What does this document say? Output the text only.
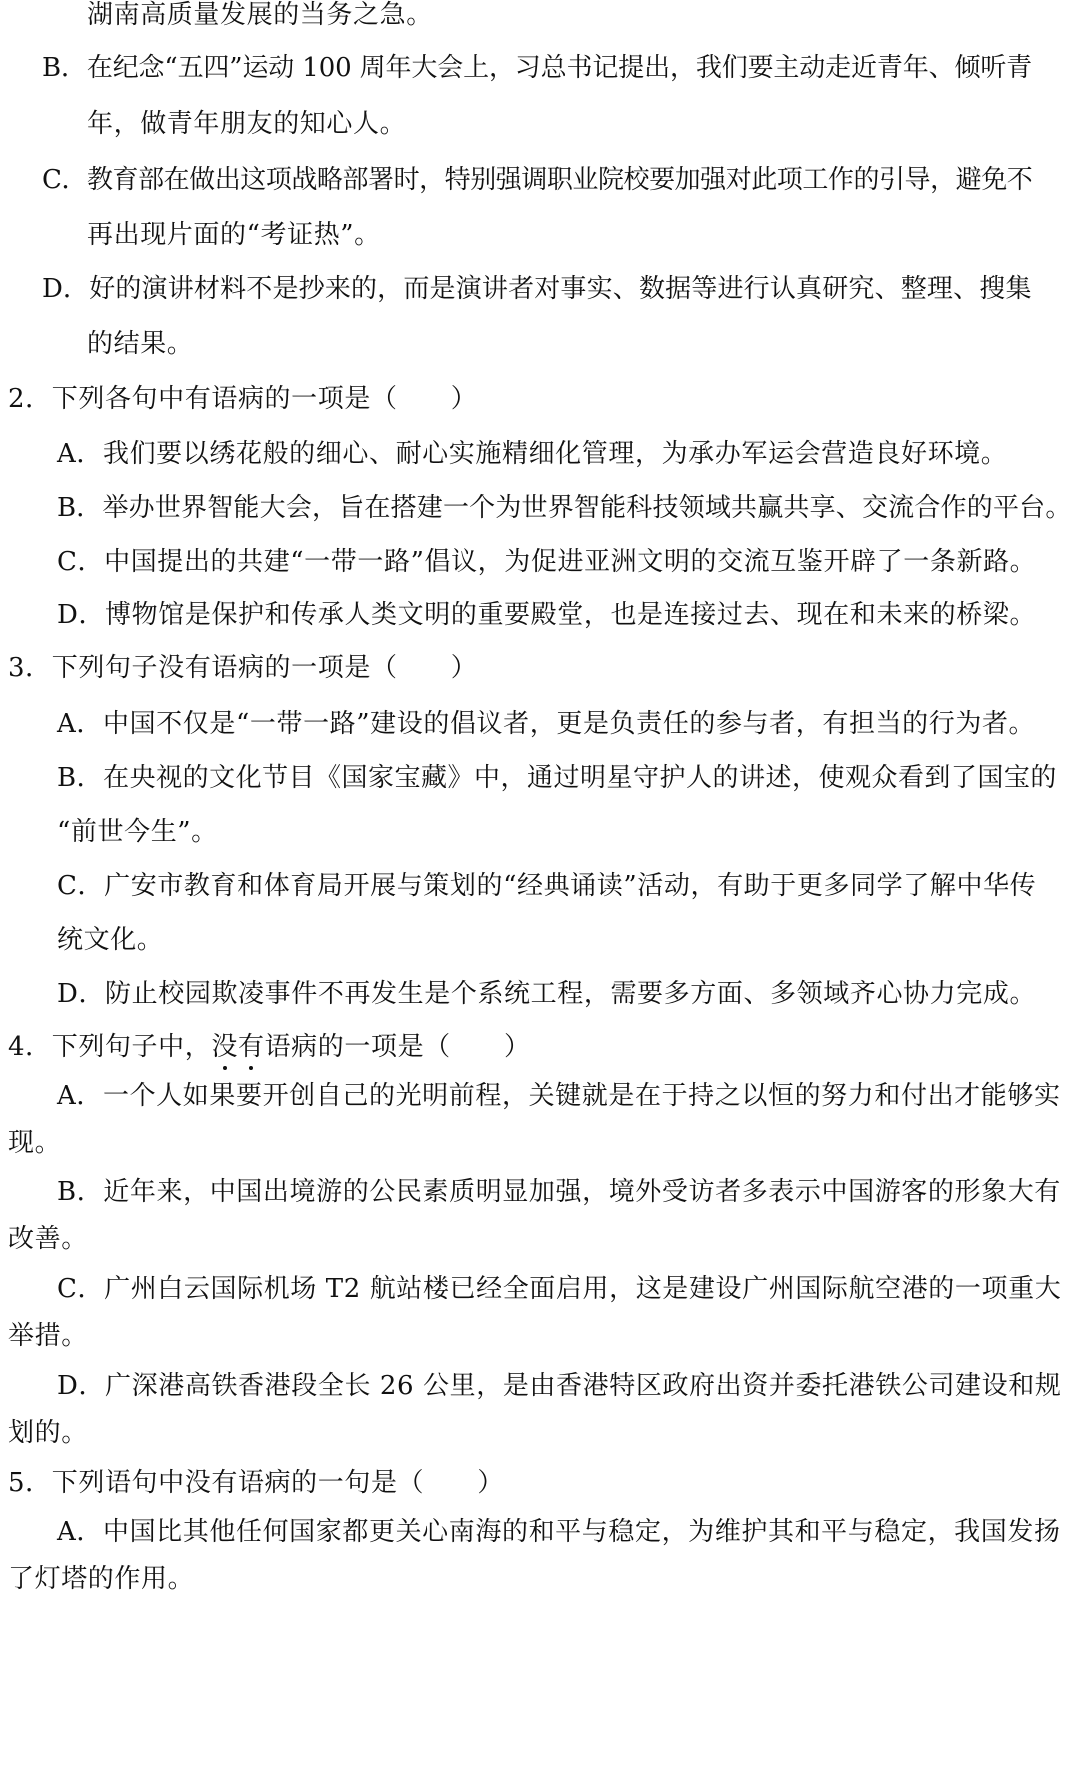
湖南高质量发展的当务之急。
B．在纪念“五四”运动 100 周年大会上，习总书记提出，我们要主动走近青年、倾听青
年，做青年朋友的知心人。
C．教育部在做出这项战略部署时，特别强调职业院校要加强对此项工作的引导，避免不
再出现片面的“考证热”。
D．好的演讲材料不是抄来的，而是演讲者对事实、数据等进行认真研究、整理、搜集
的结果。
2．下列各句中有语病的一项是（　　）
A．我们要以绣花般的细心、耐心实施精细化管理，为承办军运会营造良好环境。
B．举办世界智能大会，旨在搭建一个为世界智能科技领域共赢共享、交流合作的平台。
C．中国提出的共建“一带一路”倡议，为促进亚洲文明的交流互鉴开辟了一条新路。
D．博物馆是保护和传承人类文明的重要殿堂，也是连接过去、现在和未来的桥梁。
3．下列句子没有语病的一项是（　　）
A．中国不仅是“一带一路”建设的倡议者，更是负责任的参与者，有担当的行为者。
B．在央视的文化节目《国家宝藏》中，通过明星守护人的讲述，使观众看到了国宝的
“前世今生”。
C．广安市教育和体育局开展与策划的“经典诵读”活动，有助于更多同学了解中华传
统文化。
D．防止校园欺凌事件不再发生是个系统工程，需要多方面、多领域齐心协力完成。
4．下列句子中，没有语病的一项是（　　）
A．一个人如果要开创自己的光明前程，关键就是在于持之以恒的努力和付出才能够实
现。
B．近年来，中国出境游的公民素质明显加强，境外受访者多表示中国游客的形象大有
改善。
C．广州白云国际机场 T2 航站楼已经全面启用，这是建设广州国际航空港的一项重大
举措。
D．广深港高铁香港段全长 26 公里，是由香港特区政府出资并委托港铁公司建设和规
划的。
5．下列语句中没有语病的一句是（　　）
A．中国比其他任何国家都更关心南海的和平与稳定，为维护其和平与稳定，我国发扬
了灯塔的作用。
